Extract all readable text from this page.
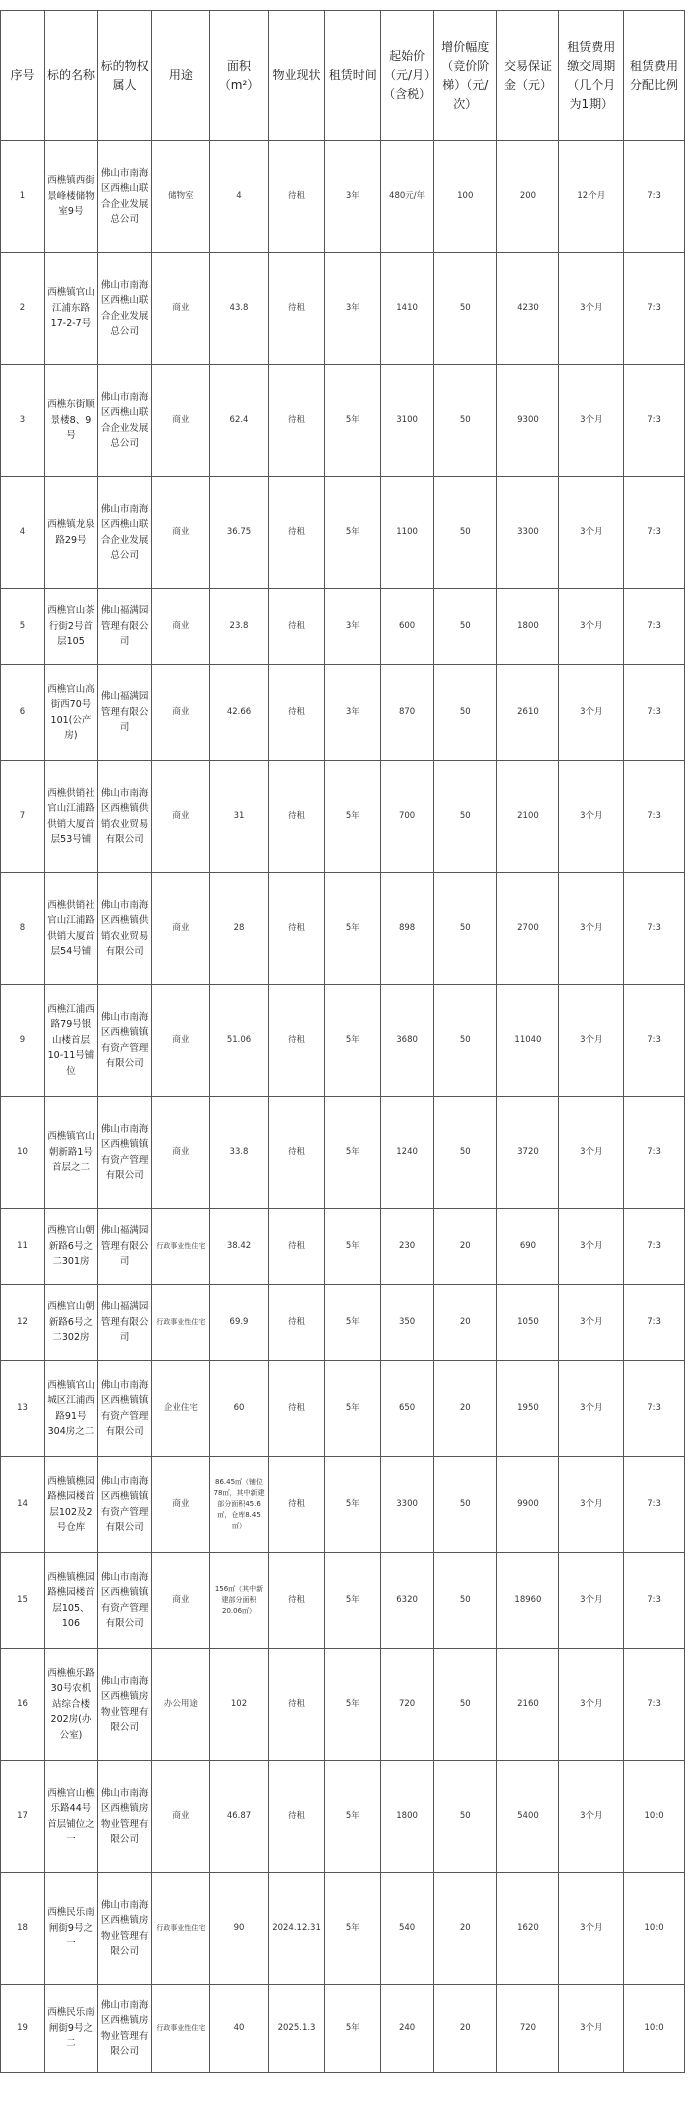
序号	标的名称	标的物权属人	用途	面积（m²）	物业现状	租赁时间	起始价（元/月）（含税）	增价幅度（竞价阶梯）（元/次）	交易保证金（元）	租赁费用缴交周期（几个月为1期）	租赁费用分配比例
1	西樵镇西街景峰楼储物室9号	佛山市南海区西樵山联合企业发展总公司	储物室	4	待租	3年	480元/年	100	200	12个月	7:3
2	西樵镇官山江浦东路17-2-7号	佛山市南海区西樵山联合企业发展总公司	商业	43.8	待租	3年	1410	50	4230	3个月	7:3
3	西樵东街顺景楼8、9号	佛山市南海区西樵山联合企业发展总公司	商业	62.4	待租	5年	3100	50	9300	3个月	7:3
4	西樵镇龙泉路29号	佛山市南海区西樵山联合企业发展总公司	商业	36.75	待租	5年	1100	50	3300	3个月	7:3
5	西樵官山茶行街2号首层105	佛山福满园管理有限公司	商业	23.8	待租	3年	600	50	1800	3个月	7:3
6	西樵官山高街西70号101(公产房)	佛山福满园管理有限公司	商业	42.66	待租	3年	870	50	2610	3个月	7:3
7	西樵供销社官山江浦路供销大厦首层53号铺	佛山市南海区西樵镇供销农业贸易有限公司	商业	31	待租	5年	700	50	2100	3个月	7:3
8	西樵供销社官山江浦路供销大厦首层54号铺	佛山市南海区西樵镇供销农业贸易有限公司	商业	28	待租	5年	898	50	2700	3个月	7:3
9	西樵江浦西路79号银山楼首层10-11号铺位	佛山市南海区西樵镇镇有资产管理有限公司	商业	51.06	待租	5年	3680	50	11040	3个月	7:3
10	西樵镇官山朝新路1号首层之二	佛山市南海区西樵镇镇有资产管理有限公司	商业	33.8	待租	5年	1240	50	3720	3个月	7:3
11	西樵官山朝新路6号之二301房	佛山福满园管理有限公司	行政事业性住宅	38.42	待租	5年	230	20	690	3个月	7:3
12	西樵官山朝新路6号之二302房	佛山福满园管理有限公司	行政事业性住宅	69.9	待租	5年	350	20	1050	3个月	7:3
13	西樵镇官山城区江浦西路91号304房之二	佛山市南海区西樵镇镇有资产管理有限公司	企业住宅	60	待租	5年	650	20	1950	3个月	7:3
14	西樵镇樵园路樵园楼首层102及2号仓库	佛山市南海区西樵镇镇有资产管理有限公司	商业	86.45㎡（铺位78㎡，其中新建部分面积45.6㎡，仓库8.45㎡）	待租	5年	3300	50	9900	3个月	7:3
15	西樵镇樵园路樵园楼首层105、106	佛山市南海区西樵镇镇有资产管理有限公司	商业	156㎡（其中新建部分面积20.06㎡）	待租	5年	6320	50	18960	3个月	7:3
16	西樵樵乐路30号农机站综合楼202房(办公室)	佛山市南海区西樵镇房物业管理有限公司	办公用途	102	待租	5年	720	50	2160	3个月	7:3
17	西樵官山樵乐路44号首层铺位之一	佛山市南海区西樵镇房物业管理有限公司	商业	46.87	待租	5年	1800	50	5400	3个月	10:0
18	西樵民乐南闸街9号之一	佛山市南海区西樵镇房物业管理有限公司	行政事业性住宅	90	2024.12.31	5年	540	20	1620	3个月	10:0
19	西樵民乐南闸街9号之二	佛山市南海区西樵镇房物业管理有限公司	行政事业性住宅	40	2025.1.3	5年	240	20	720	3个月	10:0
